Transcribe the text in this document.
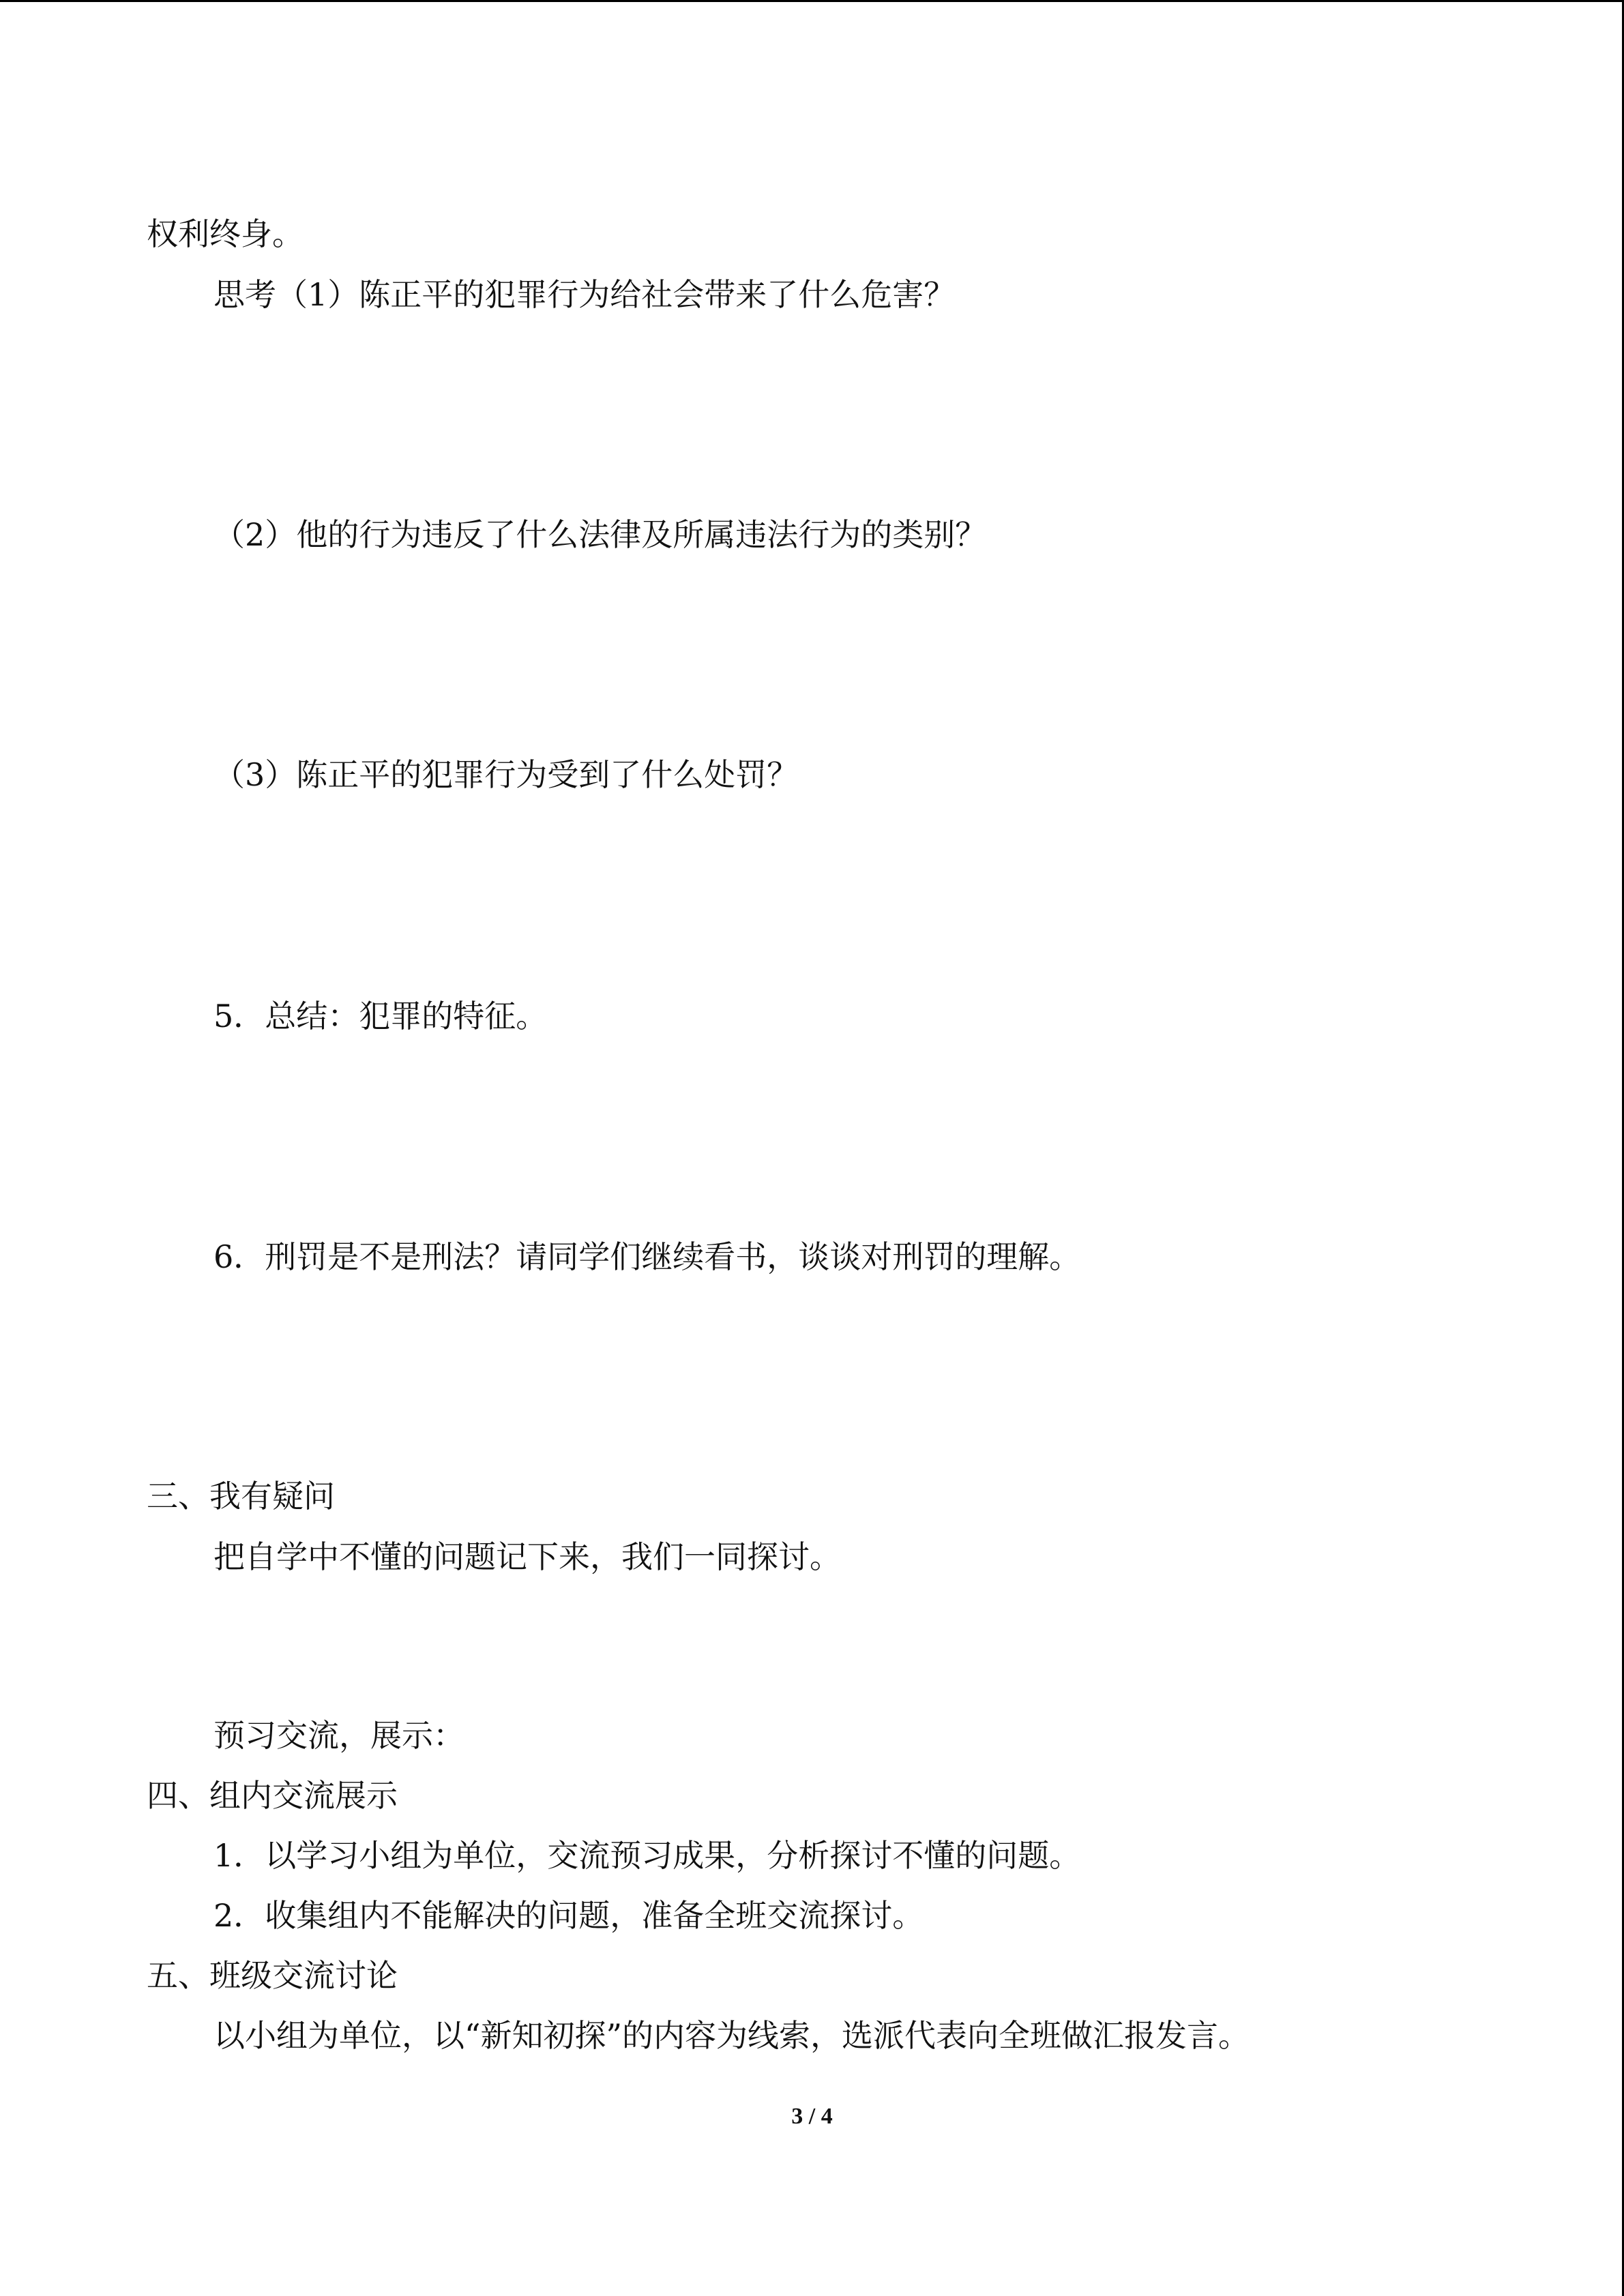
权利终身。
思考（1）陈正平的犯罪行为给社会带来了什么危害？
（2）他的行为违反了什么法律及所属违法行为的类别？
（3）陈正平的犯罪行为受到了什么处罚？
5．总结：犯罪的特征。
6．刑罚是不是刑法？请同学们继续看书，谈谈对刑罚的理解。
三、我有疑问
把自学中不懂的问题记下来，我们一同探讨。
预习交流，展示：
四、组内交流展示
1．以学习小组为单位，交流预习成果，分析探讨不懂的问题。
2．收集组内不能解决的问题，准备全班交流探讨。
五、班级交流讨论
以小组为单位，以“新知初探”的内容为线索，选派代表向全班做汇报发言。
3 / 4
